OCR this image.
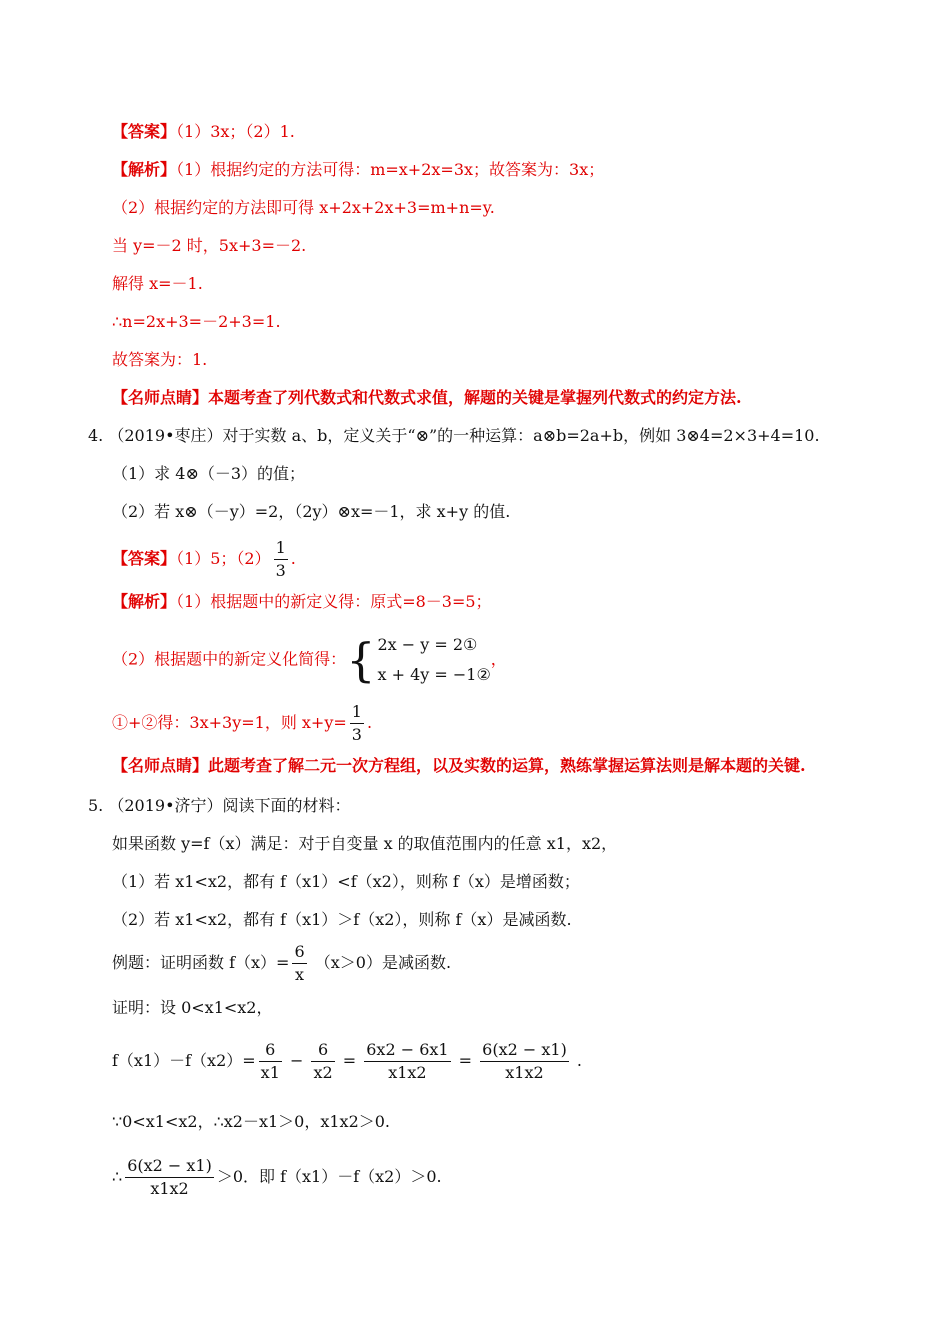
【答案】（1）3x；（2）1.
【解析】（1）根据约定的方法可得：m=x+2x=3x；故答案为：3x；
（2）根据约定的方法即可得 x+2x+2x+3=m+n=y.
当 y=－2 时，5x+3=－2.
解得 x=－1.
∴n=2x+3=－2+3=1.
故答案为：1.
【名师点睛】本题考查了列代数式和代数式求值，解题的关键是掌握列代数式的约定方法.
4. （2019•枣庄）对于实数 a、b，定义关于“⊗”的一种运算：a⊗b=2a+b，例如 3⊗4=2×3+4=10.
（1）求 4⊗（－3）的值；
（2）若 x⊗（－y）=2，（2y）⊗x=－1，求 x+y 的值.
【答案】（1）5；$(2) \frac{1}{3}$ .
【解析】（1）根据题中的新定义得：原式=8－3=5；
（2）根据题中的新定义化简得：{ 2x − y = 2①
x + 4y = −1②
，
①+②得：3x+3y=1，则 $x+y= \frac{1}{3}$ .
【名师点睛】此题考查了解二元一次方程组，以及实数的运算，熟练掌握运算法则是解本题的关键.
5. （2019•济宁）阅读下面的材料：
如果函数 y=f（x）满足：对于自变量 x 的取值范围内的任意 x1，x2，
（1）若 x1<x2，都有 f（x1）<f（x2），则称 f（x）是增函数；
（2）若 x1<x2，都有 f（x1）＞f（x2），则称 f（x）是减函数.
例题：证明函数 $f(x)= \frac{6}{x} (x>0)$是减函数.
证明：设 0<x1<x2，
$f(x1)-f(x2)= \frac{6}{x1} - \frac{6}{x2} = \frac{6x2 - 6x1}{x1x2} = \frac{6(x2 - x1)}{x1x2}$ .
∵0<x1<x2，∴x2－x1＞0，x1x2＞0.
∴ $\frac{6(x2 - x1)}{x1x2} >0$．即 f（x1）－f（x2）＞0.
